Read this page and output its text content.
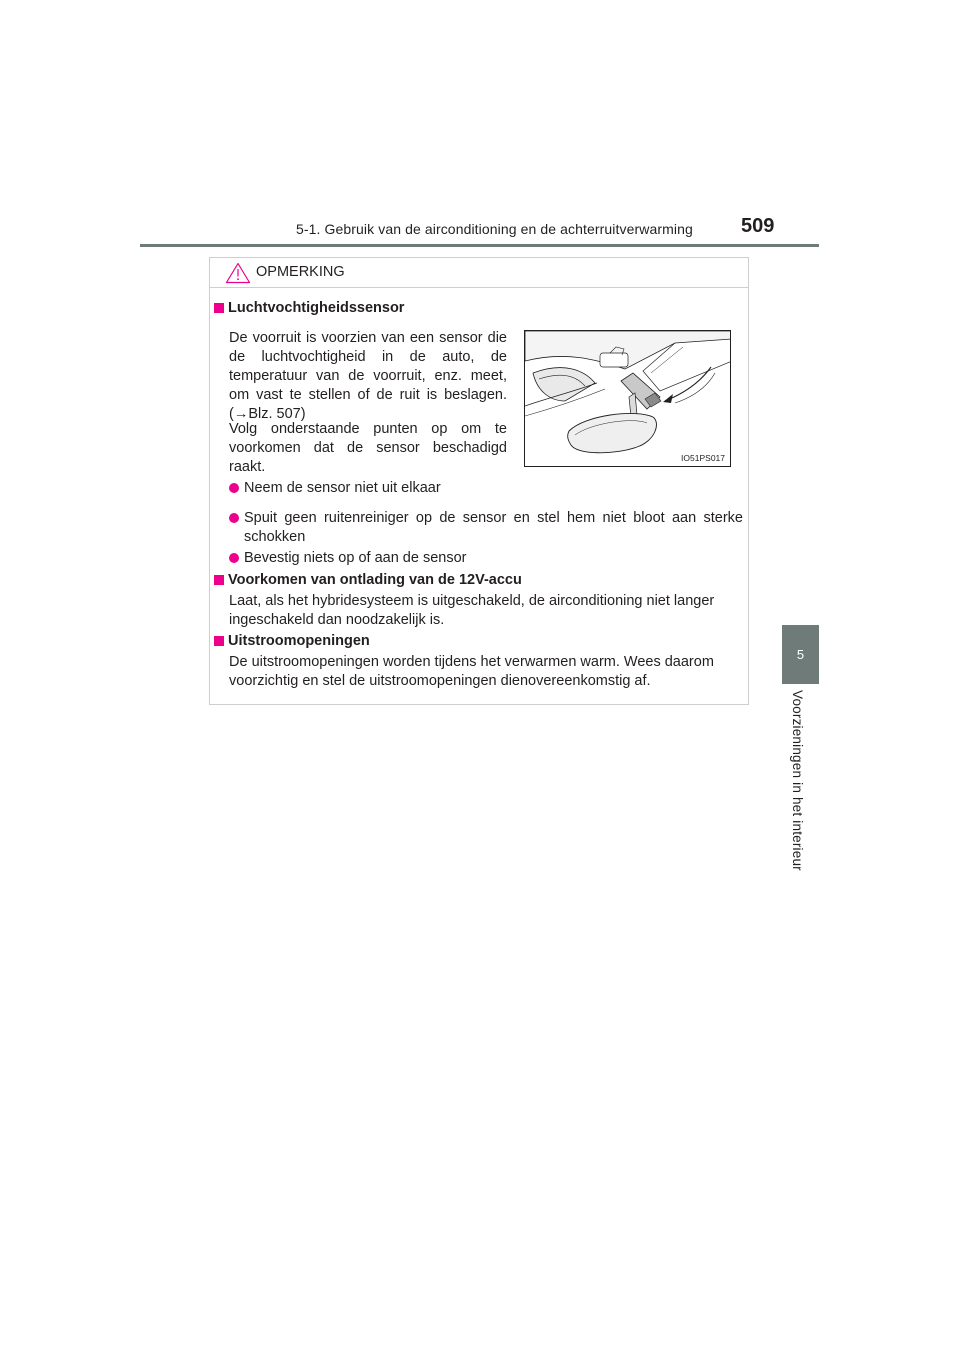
5-1. Gebruik van de airconditioning en de achterruitverwarming 509
5
Voorzieningen in het interieur
OPMERKING
Luchtvochtigheidssensor
De voorruit is voorzien van een sensor die de luchtvochtigheid in de auto, de temperatuur van de voorruit, enz. meet, om vast te stellen of de ruit is beslagen. (→Blz. 507)
Volg onderstaande punten op om te voorkomen dat de sensor beschadigd raakt.
Neem de sensor niet uit elkaar
Spuit geen ruitenreiniger op de sensor en stel hem niet bloot aan sterke schokken
Bevestig niets op of aan de sensor
IO51PS017
Voorkomen van ontlading van de 12V-accu
Laat, als het hybridesysteem is uitgeschakeld, de airconditioning niet langer ingeschakeld dan noodzakelijk is.
Uitstroomopeningen
De uitstroomopeningen worden tijdens het verwarmen warm. Wees daarom voorzichtig en stel de uitstroomopeningen dienovereenkomstig af.
